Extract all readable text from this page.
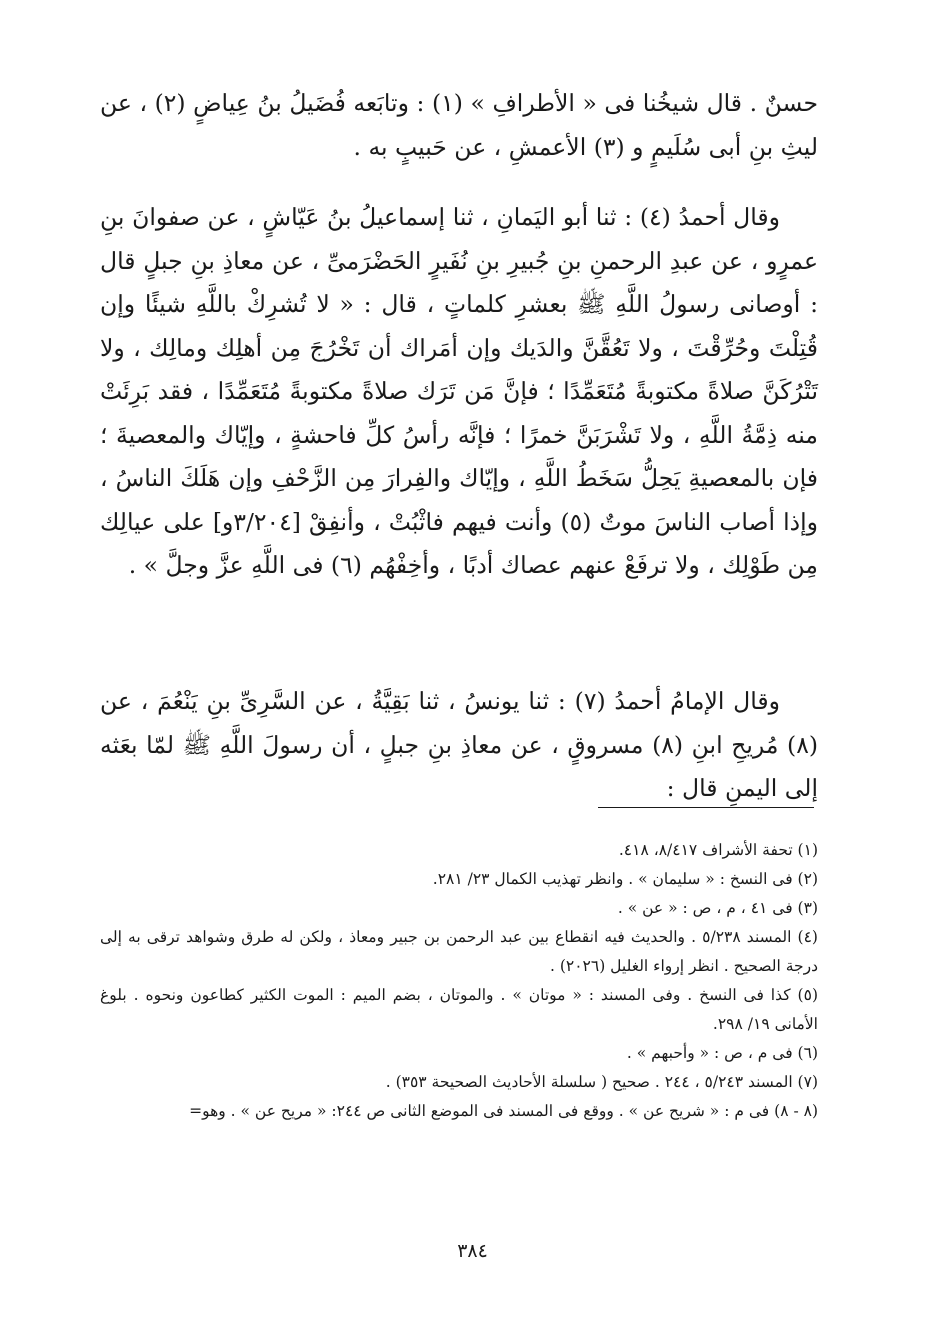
حسنٌ . قال شيخُنا فى « الأطرافِ » (١) : وتابَعه فُضَيلُ بنُ عِياضٍ (٢) ، عن ليثِ بنِ أبى سُلَيمٍ و (٣) الأعمشِ ، عن حَبيبٍ به .

وقال أحمدُ (٤) : ثنا أبو اليَمانِ ، ثنا إسماعيلُ بنُ عَيّاشٍ ، عن صفوانَ بنِ عمرٍو ، عن عبدِ الرحمنِ بنِ جُبيرِ بنِ نُفَيرٍ الحَضْرَمىِّ ، عن معاذِ بنِ جبلٍ قال : أوصانى رسولُ اللَّهِ ﷺ بعشرِ كلماتٍ ، قال : « لا تُشرِكْ باللَّهِ شيئًا وإن قُتِلْتَ وحُرِّقْتَ ، ولا تَعُقَّنَّ والدَيك وإن أمَراك أن تَخْرُجَ مِن أهلِك ومالِك ، ولا تَتْرُكَنَّ صلاةً مكتوبةً مُتَعَمِّدًا ؛ فإنَّ مَن تَرَك صلاةً مكتوبةً مُتَعَمِّدًا ، فقد بَرِئَتْ منه ذِمَّةُ اللَّهِ ، ولا تَشْرَبَنَّ خمرًا ؛ فإنَّه رأسُ كلِّ فاحشةٍ ، وإيّاك والمعصيةَ ؛ فإن بالمعصيةِ يَحِلُّ سَخَطُ اللَّهِ ، وإيّاك والفِرارَ مِن الزَّحْفِ وإن هَلَكَ الناسُ ، وإذا أصاب الناسَ موتٌ (٥) وأنت فيهم فاثْبُتْ ، وأنفِقْ [٣/٢٠٤و] على عيالِك مِن طَوْلِك ، ولا ترفَعْ عنهم عصاك أدبًا ، وأخِفْهُم (٦) فى اللَّهِ عزَّ وجلَّ » .

وقال الإمامُ أحمدُ (٧) : ثنا يونسُ ، ثنا بَقِيَّةُ ، عن السَّرِىِّ بنِ يَنْعُمَ ، عن (٨) مُريحِ ابنِ (٨) مسروقٍ ، عن معاذِ بنِ جبلٍ ، أن رسولَ اللَّهِ ﷺ لمّا بعَثه إلى اليمنِ قال :

(١) تحفة الأشراف ٨/٤١٧، ٤١٨.
(٢) فى النسخ : « سليمان » . وانظر تهذيب الكمال ٢٣/ ٢٨١.
(٣) فى ٤١ ، م ، ص : « عن » .
(٤) المسند ٥/٢٣٨ . والحديث فيه انقطاع بين عبد الرحمن بن جبير ومعاذ ، ولكن له طرق وشواهد ترقى به إلى درجة الصحيح . انظر إرواء الغليل (٢٠٢٦) .
(٥) كذا فى النسخ . وفى المسند : « موتان » . والموتان ، بضم الميم : الموت الكثير كطاعون ونحوه . بلوغ الأمانى ١٩/ ٢٩٨.
(٦) فى م ، ص : « وأحبهم » .
(٧) المسند ٥/٢٤٣ ، ٢٤٤ . صحيح ( سلسلة الأحاديث الصحيحة ٣٥٣) .
(٨ - ٨) فى م : « شريح عن » . ووقع فى المسند فى الموضع الثانى ص ٢٤٤: « مريح عن » . وهو=
٣٨٤
